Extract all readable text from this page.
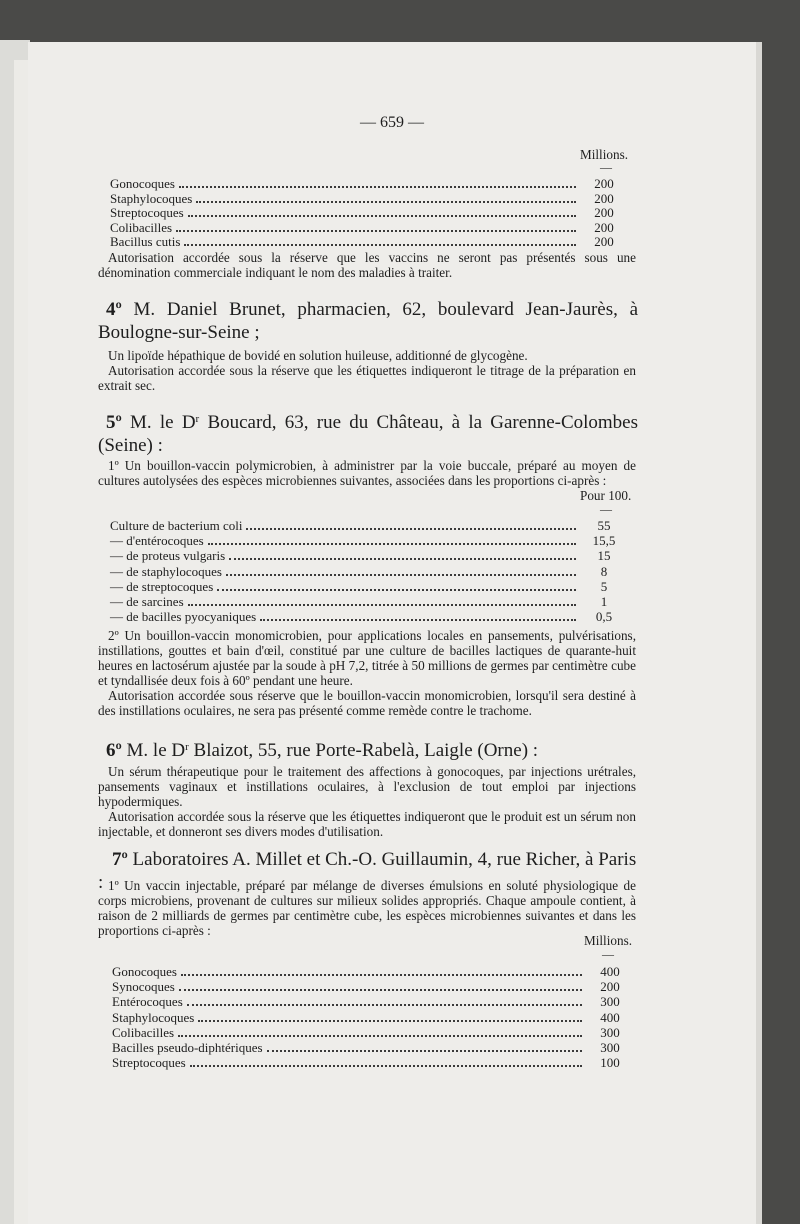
— 659 —
Millions.
—
Gonocoques	200
Staphylocoques	200
Streptocoques	200
Colibacilles	200
Bacillus cutis	200

Autorisation accordée sous la réserve que les vaccins ne seront pas présentés sous une dénomination commerciale indiquant le nom des maladies à traiter.

4º M. Daniel Brunet, pharmacien, 62, boulevard Jean-Jaurès, à Boulogne-sur-Seine ;

Un lipoïde hépathique de bovidé en solution huileuse, additionné de glycogène.

Autorisation accordée sous la réserve que les étiquettes indiqueront le titrage de la préparation en extrait sec.

5º M. le $D^r$ Boucard, 63, rue du Château, à la Garenne-Colombes (Seine) :

1º Un bouillon-vaccin polymicrobien, à administrer par la voie buccale, préparé au moyen de cultures autolysées des espèces microbiennes suivantes, associées dans les proportions ci-après :

Pour 100.
—
Culture de bacterium coli	55
— d'entérocoques	15,5
— de proteus vulgaris	15
— de staphylocoques	8
— de streptocoques	5
— de sarcines	1
— de bacilles pyocyaniques	0,5

2º Un bouillon-vaccin monomicrobien, pour applications locales en pansements, pulvérisations, instillations, gouttes et bain d'œil, constitué par une culture de bacilles lactiques de quarante-huit heures en lactosérum ajustée par la soude à pH 7,2, titrée à 50 millions de germes par centimètre cube et tyndallisée deux fois à 60º pendant une heure.

Autorisation accordée sous réserve que le bouillon-vaccin monomicrobien, lorsqu'il sera destiné à des instillations oculaires, ne sera pas présenté comme remède contre le trachome.

6º M. le $D^r$ Blaizot, 55, rue Porte-Rabelà, Laigle (Orne) :

Un sérum thérapeutique pour le traitement des affections à gonocoques, par injections urétrales, pansements vaginaux et instillations oculaires, à l'exclusion de tout emploi par injections hypodermiques.

Autorisation accordée sous la réserve que les étiquettes indiqueront que le produit est un sérum non injectable, et donneront ses divers modes d'utilisation.

7º Laboratoires A. Millet et Ch.-O. Guillaumin, 4, rue Richer, à Paris : 1º Un vaccin injectable, préparé par mélange de diverses émulsions en soluté physiologique de corps microbiens, provenant de cultures sur milieux solides appropriés. Chaque ampoule contient, à raison de 2 milliards de germes par centimètre cube, les espèces microbiennes suivantes et dans les proportions ci-après :

Millions.
—
Gonocoques	400
Synocoques	200
Entérocoques	300
Staphylocoques	400
Colibacilles	300
Bacilles pseudo-diphtériques	300
Streptocoques	100
